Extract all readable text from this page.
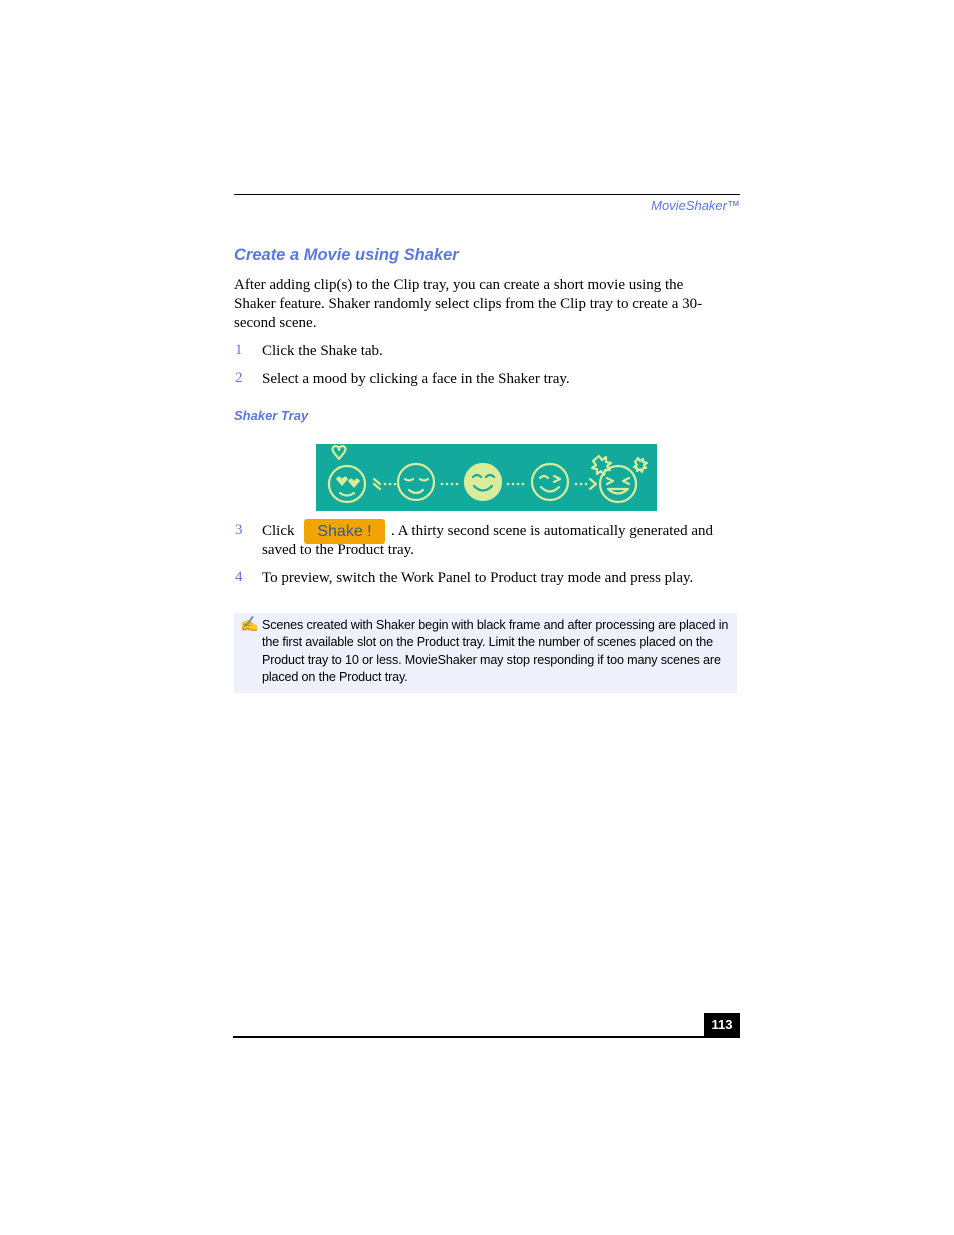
MovieShaker™
Create a Movie using Shaker
After adding clip(s) to the Clip tray, you can create a short movie using the Shaker feature. Shaker randomly select clips from the Clip tray to create a 30-second scene.
1	Click the Shake tab.
2	Select a mood by clicking a face in the Shaker tray.
Shaker Tray
3	Click	Shake !	. A thirty second scene is automatically generated and
saved to the Product tray.
4	To preview, switch the Work Panel to Product tray mode and press play.
✍ Scenes created with Shaker begin with black frame and after processing are placed in the first available slot on the Product tray. Limit the number of scenes placed on the Product tray to 10 or less. MovieShaker may stop responding if too many scenes are placed on the Product tray.
113
